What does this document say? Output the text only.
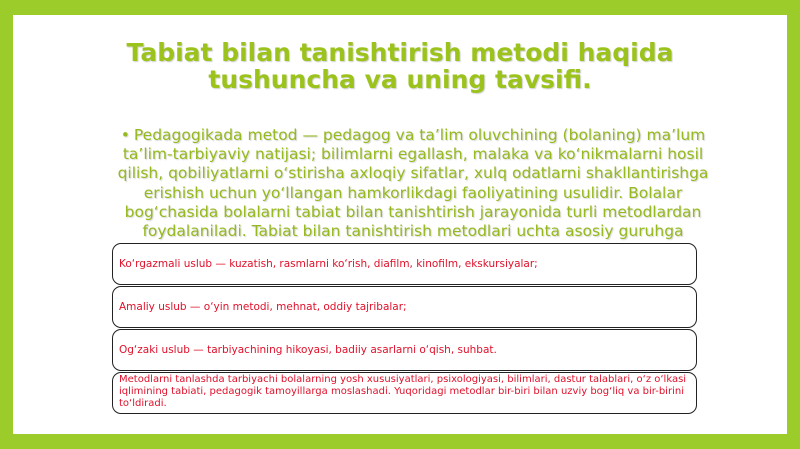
Tabiat bilan tanishtirish metodi haqida tushuncha va uning tavsifi.
• Pedagogikada metod — pedagog va ta’lim oluvchining (bolaning) ma’lum ta’lim-tarbiyaviy natijasi; bilimlarni egallash, malaka va ko‘nikmalarni hosil qilish, qobiliyatlarni o‘stirisha axloqiy sifatlar, xulq odatlarni shakllantirishga erishish uchun yo‘llangan hamkorlikdagi faoliyatining usulidir. Bolalar bog‘chasida bolalarni tabiat bilan tanishtirish jarayonida turli metodlardan foydalaniladi. Tabiat bilan tanishtirish metodlari uchta asosiy guruhga
Ko‘rgazmali uslub — kuzatish, rasmlarni ko‘rish, diafilm, kinofilm, ekskursiyalar;
Amaliy uslub — o‘yin metodi, mehnat, oddiy tajribalar;
Og‘zaki uslub — tarbiyachining hikoyasi, badiiy asarlarni o‘qish, suhbat.
Metodlarni tanlashda tarbiyachi bolalarning yosh xususiyatlari, psixologiyasi, bilimlari, dastur talablari, o‘z o‘lkasi iqlimining tabiati, pedagogik tamoyillarga moslashadi. Yuqoridagi metodlar bir-biri bilan uzviy bog‘liq va bir-birini to‘ldiradi.
